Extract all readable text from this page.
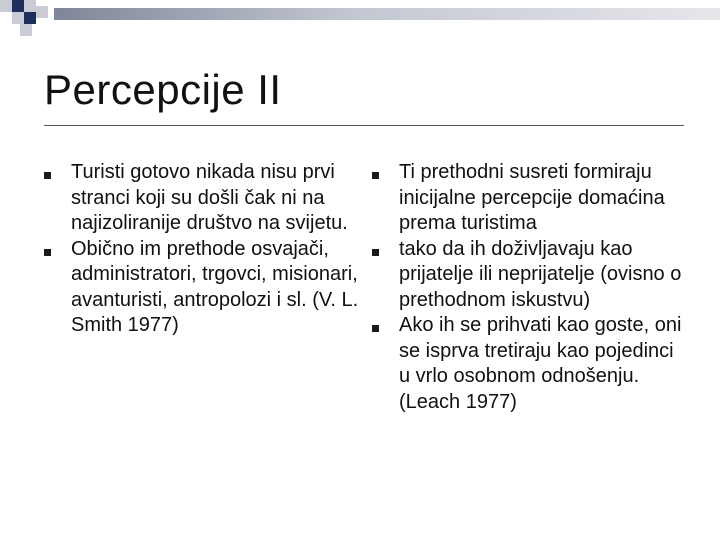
Percepcije II
Turisti gotovo nikada nisu prvi stranci koji su došli čak ni na najizoliranije društvo na svijetu.
Obično im prethode osvajači, administratori, trgovci, misionari, avanturisti, antropolozi i sl. (V. L. Smith 1977)
Ti prethodni susreti formiraju inicijalne percepcije domaćina prema turistima
tako da ih doživljavaju kao prijatelje ili neprijatelje (ovisno o prethodnom iskustvu)
Ako ih se prihvati kao goste, oni se isprva tretiraju kao pojedinci u vrlo osobnom odnošenju. (Leach 1977)
